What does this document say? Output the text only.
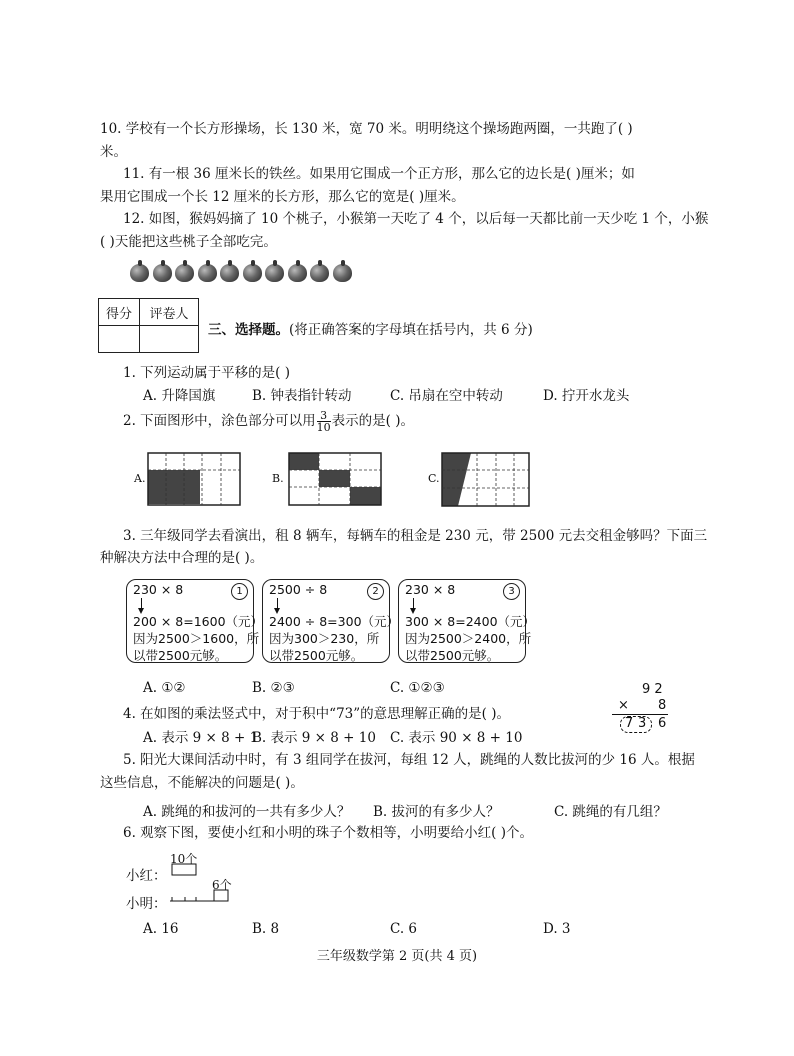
10. 学校有一个长方形操场，长 130 米，宽 70 米。明明绕这个操场跑两圈，一共跑了( )
米。
11. 有一根 36 厘米长的铁丝。如果用它围成一个正方形，那么它的边长是( )厘米；如
果用它围成一个长 12 厘米的长方形，那么它的宽是( )厘米。
12. 如图，猴妈妈摘了 10 个桃子，小猴第一天吃了 4 个，以后每一天都比前一天少吃 1 个，小猴
( )天能把这些桃子全部吃完。
得分	评卷人

三、选择题。(将正确答案的字母填在括号内，共 6 分)
1. 下列运动属于平移的是( )
A. 升降国旗	B. 钟表指针转动	C. 吊扇在空中转动	D. 拧开水龙头
2. 下面图形中，涂色部分可以用 $\frac{3}{10}$ 表示的是( )。
A.	B.	C.
3. 三年级同学去看演出，租 8 辆车，每辆车的租金是 230 元，带 2500 元去交租金够吗？下面三
种解决方法中合理的是( )。
230 × 8	1
200 × 8=1600（元）
因为2500＞1600，所
以带2500元够。
2500 ÷ 8	2
2400 ÷ 8=300（元）
因为300＞230，所
以带2500元够。
230 × 8	3
300 × 8=2400（元）
因为2500＞2400，所
以带2500元够。
A. ①②	B. ②③	C. ①②③
4. 在如图的乘法竖式中，对于积中“73”的意思理解正确的是( )。
9 2
× 8
7 3 6
A. 表示 9 × 8 + 1
B. 表示 9 × 8 + 10 C. 表示 90 × 8 + 10
5. 阳光大课间活动中时，有 3 组同学在拔河，每组 12 人，跳绳的人数比拔河的少 16 人。根据
这些信息，不能解决的问题是( )。
A. 跳绳的和拔河的一共有多少人？ B. 拔河的有多少人？	C. 跳绳的有几组？
6. 观察下图，要使小红和小明的珠子个数相等，小明要给小红( )个。
小红：
10个
小明：
6个
A. 16	B. 8	C. 6	D. 3
三年级数学第 2 页(共 4 页)
